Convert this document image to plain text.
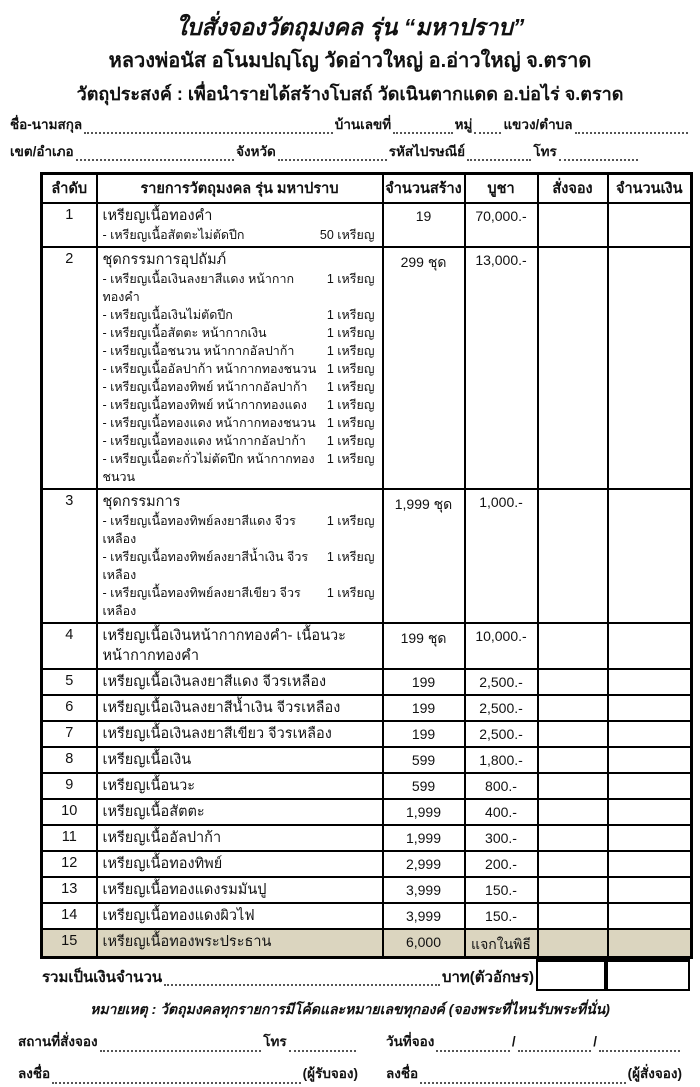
ใบสั่งจองวัตถุมงคล รุ่น “มหาปราบ”
หลวงพ่อนัส อโนมปญฺโญ วัดอ่าวใหญ่ อ.อ่าวใหญ่ จ.ตราด
วัตถุประสงค์ : เพื่อนำรายได้สร้างโบสถ์ วัดเนินตากแดด อ.บ่อไร่ จ.ตราด
ชื่อ-นามสกุล	บ้านเลขที่	หมู่ แขวง/ตำบล
เขต/อำเภอ	จังหวัด	รหัสไปรษณีย์	โทร
ลำดับ	รายการวัตถุมงคล รุ่น มหาปราบ	จำนวนสร้าง	บูชา	สั่งจอง	จำนวนเงิน
1	เหรียญเนื้อทองคำ
- เหรียญเนื้อสัตตะไม่ตัดปีก 50 เหรียญ	19	70,000.-		
2	ชุดกรรมการอุปถัมภ์
- เหรียญเนื้อเงินลงยาสีแดง หน้ากากทองคำ
1 เหรียญ
- เหรียญเนื้อเงินไม่ตัดปีก	1 เหรียญ
- เหรียญเนื้อสัตตะ หน้ากากเงิน	1 เหรียญ
- เหรียญเนื้อชนวน หน้ากากอัลปาก้า	1 เหรียญ
- เหรียญเนื้ออัลปาก้า หน้ากากทองชนวน 1 เหรียญ
- เหรียญเนื้อทองทิพย์ หน้ากากอัลปาก้า 1 เหรียญ
- เหรียญเนื้อทองทิพย์ หน้ากากทองแดง 1 เหรียญ
- เหรียญเนื้อทองแดง หน้ากากทองชนวน 1 เหรียญ
- เหรียญเนื้อทองแดง หน้ากากอัลปาก้า 1 เหรียญ
- เหรียญเนื้อตะกั่วไม่ตัดปีก หน้ากากทองชนวน
1 เหรียญ
	299 ชุด	13,000.-		
3	ชุดกรรมการ
- เหรียญเนื้อทองทิพย์ลงยาสีแดง จีวรเหลือง
1 เหรียญ
- เหรียญเนื้อทองทิพย์ลงยาสีน้ำเงิน จีวรเหลือง
1 เหรียญ
- เหรียญเนื้อทองทิพย์ลงยาสีเขียว จีวรเหลือง
1 เหรียญ
	1,999 ชุด	1,000.-		
4	เหรียญเนื้อเงินหน้ากากทองคำ- เนื้อนวะหน้ากากทองคำ	199 ชุด	10,000.-		
5	เหรียญเนื้อเงินลงยาสีแดง จีวรเหลือง	199	2,500.-		
6	เหรียญเนื้อเงินลงยาสีน้ำเงิน จีวรเหลือง	199	2,500.-		
7	เหรียญเนื้อเงินลงยาสีเขียว จีวรเหลือง	199	2,500.-		
8	เหรียญเนื้อเงิน	599	1,800.-		
9	เหรียญเนื้อนวะ	599	800.-		
10	เหรียญเนื้อสัตตะ	1,999	400.-		
11	เหรียญเนื้ออัลปาก้า	1,999	300.-		
12	เหรียญเนื้อทองทิพย์	2,999	200.-		
13	เหรียญเนื้อทองแดงรมมันปู	3,999	150.-		
14	เหรียญเนื้อทองแดงผิวไฟ	3,999	150.-		
15	เหรียญเนื้อทองพระประธาน	6,000	แจกในพิธี		
รวมเป็นเงินจำนวน	บาท(ตัวอักษร)
หมายเหตุ : วัตถุมงคลทุกรายการมีโค้ดและหมายเลขทุกองค์ (จองพระที่ไหนรับพระที่นั่น)
สถานที่สั่งจอง	โทร	วันที่จอง	/	/
ลงชื่อ	(ผู้รับจอง) ลงชื่อ	(ผู้สั่งจอง)
